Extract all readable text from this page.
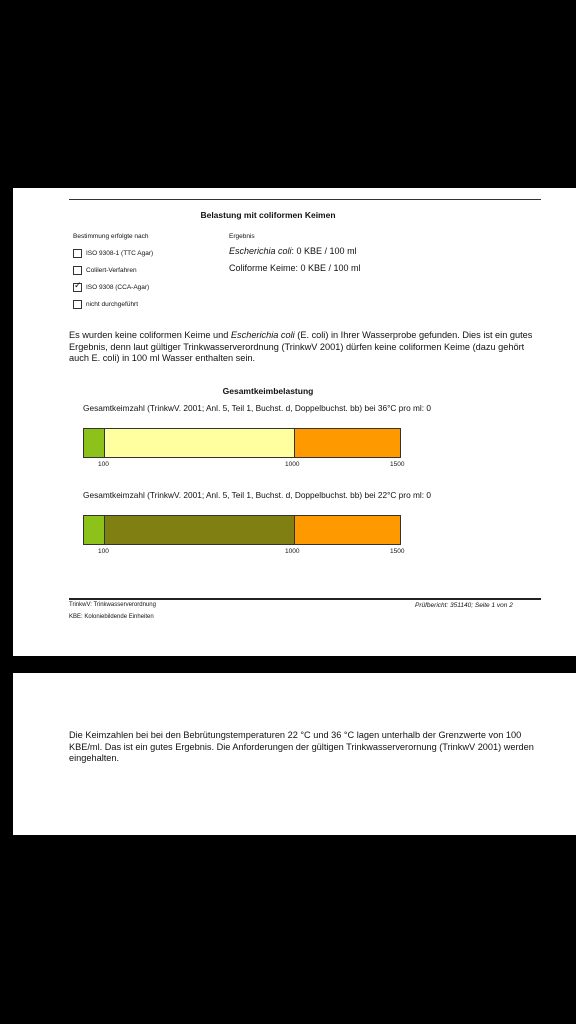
Belastung mit coliformen Keimen
Bestimmung erfolgte nach
ISO 9308-1 (TTC Agar)
Colilert-Verfahren
✓ ISO 9308 (CCA-Agar)
nicht durchgeführt
Ergebnis
Escherichia coli: 0 KBE / 100 ml
Coliforme Keime: 0 KBE / 100 ml
Es wurden keine coliformen Keime und Escherichia coli (E. coli) in Ihrer Wasserprobe gefunden. Dies ist ein gutes Ergebnis, denn laut gültiger Trinkwasserverordnung (TrinkwV 2001) dürfen keine coliformen Keime (dazu gehört auch E. coli) in 100 ml Wasser enthalten sein.
Gesamtkeimbelastung
Gesamtkeimzahl (TrinkwV. 2001; Anl. 5, Teil 1, Buchst. d, Doppelbuchst. bb) bei 36°C pro ml: 0
100	1000	1500
Gesamtkeimzahl (TrinkwV. 2001; Anl. 5, Teil 1, Buchst. d, Doppelbuchst. bb) bei 22°C pro ml: 0
100	1000	1500
TrinkwV: Trinkwasserverordnung
KBE: Koloniebildende Einheiten
Prüfbericht: 351140; Seite 1 von 2
Die Keimzahlen bei bei den Bebrütungstemperaturen 22 °C und 36 °C lagen unterhalb der Grenzwerte von 100 KBE/ml. Das ist ein gutes Ergebnis. Die Anforderungen der gültigen Trinkwasserverornung (TrinkwV 2001) werden eingehalten.
